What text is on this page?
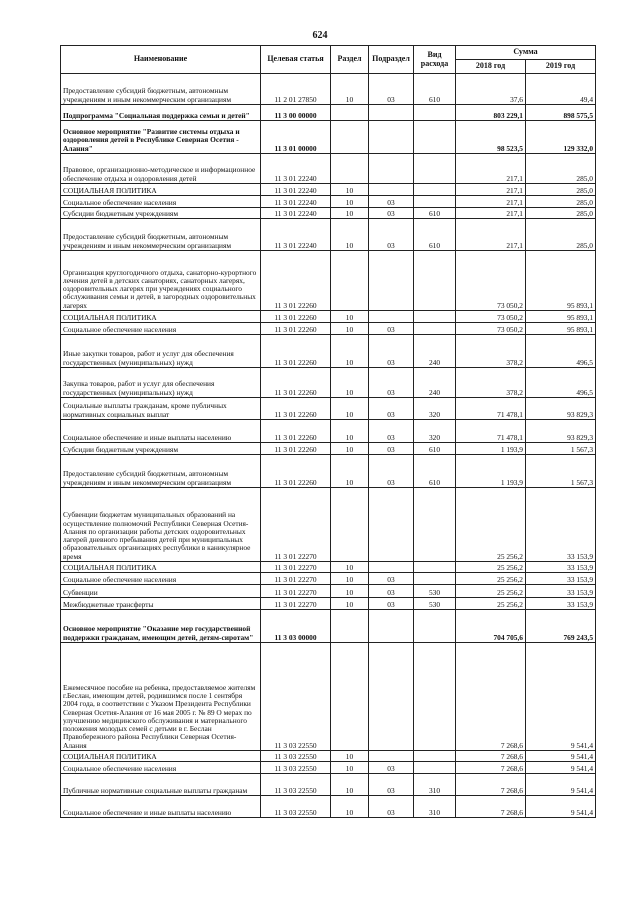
624
Наименование	Целевая статья	Раздел	Подраздел	Вид расхода	Сумма	
					2018 год	2019 год
Предоставление субсидий бюджетным, автономным учреждениям и иным некоммерческим организациям	11 2 01 27850	10	03	610	37,6	49,4
Подпрограмма "Социальная поддержка семьи и детей"	11 3 00 00000				803 229,1	898 575,5
Основное мероприятие "Развитие системы отдыха и оздоровления детей в Республике Северная Осетия - Алания"	11 3 01 00000				98 523,5	129 332,0
Правовое, организационно-методическое и информационное обеспечение отдыха и оздоровления детей	11 3 01 22240				217,1	285,0
СОЦИАЛЬНАЯ ПОЛИТИКА	11 3 01 22240	10			217,1	285,0
Социальное обеспечение населения	11 3 01 22240	10	03		217,1	285,0
Субсидии бюджетным учреждениям	11 3 01 22240	10	03	610	217,1	285,0
Предоставление субсидий бюджетным, автономным учреждениям и иным некоммерческим организациям	11 3 01 22240	10	03	610	217,1	285,0
Организация круглогодичного отдыха, санаторно-курортного лечения детей в детских санаториях, санаторных лагерях, оздоровительных лагерях при учреждениях социального обслуживания семьи и детей, в загородных оздоровительных лагерях	11 3 01 22260				73 050,2	95 893,1
СОЦИАЛЬНАЯ ПОЛИТИКА	11 3 01 22260	10			73 050,2	95 893,1
Социальное обеспечение населения	11 3 01 22260	10	03		73 050,2	95 893,1
Иные закупки товаров, работ и услуг для обеспечения государственных (муниципальных) нужд	11 3 01 22260	10	03	240	378,2	496,5
Закупка товаров, работ и услуг для обеспечения государственных (муниципальных) нужд	11 3 01 22260	10	03	240	378,2	496,5
Социальные выплаты гражданам, кроме публичных нормативных социальных выплат	11 3 01 22260	10	03	320	71 478,1	93 829,3
Социальное обеспечение и иные выплаты населению	11 3 01 22260	10	03	320	71 478,1	93 829,3
Субсидии бюджетным учреждениям	11 3 01 22260	10	03	610	1 193,9	1 567,3
Предоставление субсидий бюджетным, автономным учреждениям и иным некоммерческим организациям	11 3 01 22260	10	03	610	1 193,9	1 567,3
Субвенции бюджетам муниципальных образований на осуществление полномочий Республики Северная Осетия-Алания по организации работы детских оздоровительных лагерей дневного пребывания детей при муниципальных образовательных организациях республики в каникулярное время	11 3 01 22270				25 256,2	33 153,9
СОЦИАЛЬНАЯ ПОЛИТИКА	11 3 01 22270	10			25 256,2	33 153,9
Социальное обеспечение населения	11 3 01 22270	10	03		25 256,2	33 153,9
Субвенции	11 3 01 22270	10	03	530	25 256,2	33 153,9
Межбюджетные трансферты	11 3 01 22270	10	03	530	25 256,2	33 153,9
Основное мероприятие "Оказание мер государственной поддержки гражданам, имеющим детей, детям-сиротам"	11 3 03 00000				704 705,6	769 243,5
Ежемесячное пособие на ребенка, предоставляемое жителям г.Беслан, имеющим детей, родившимся после 1 сентября 2004 года, в соответствии с Указом Президента Республики Северная Осетия-Алания от 16 мая 2005 г. № 89 О мерах по улучшению медицинского обслуживания и материального положения молодых семей с детьми в г. Беслан Правобережного района Республики Северная Осетия-Алания	11 3 03 22550				7 268,6	9 541,4
СОЦИАЛЬНАЯ ПОЛИТИКА	11 3 03 22550	10			7 268,6	9 541,4
Социальное обеспечение населения	11 3 03 22550	10	03		7 268,6	9 541,4
Публичные нормативные социальные выплаты гражданам	11 3 03 22550	10	03	310	7 268,6	9 541,4
Социальное обеспечение и иные выплаты населению	11 3 03 22550	10	03	310	7 268,6	9 541,4
